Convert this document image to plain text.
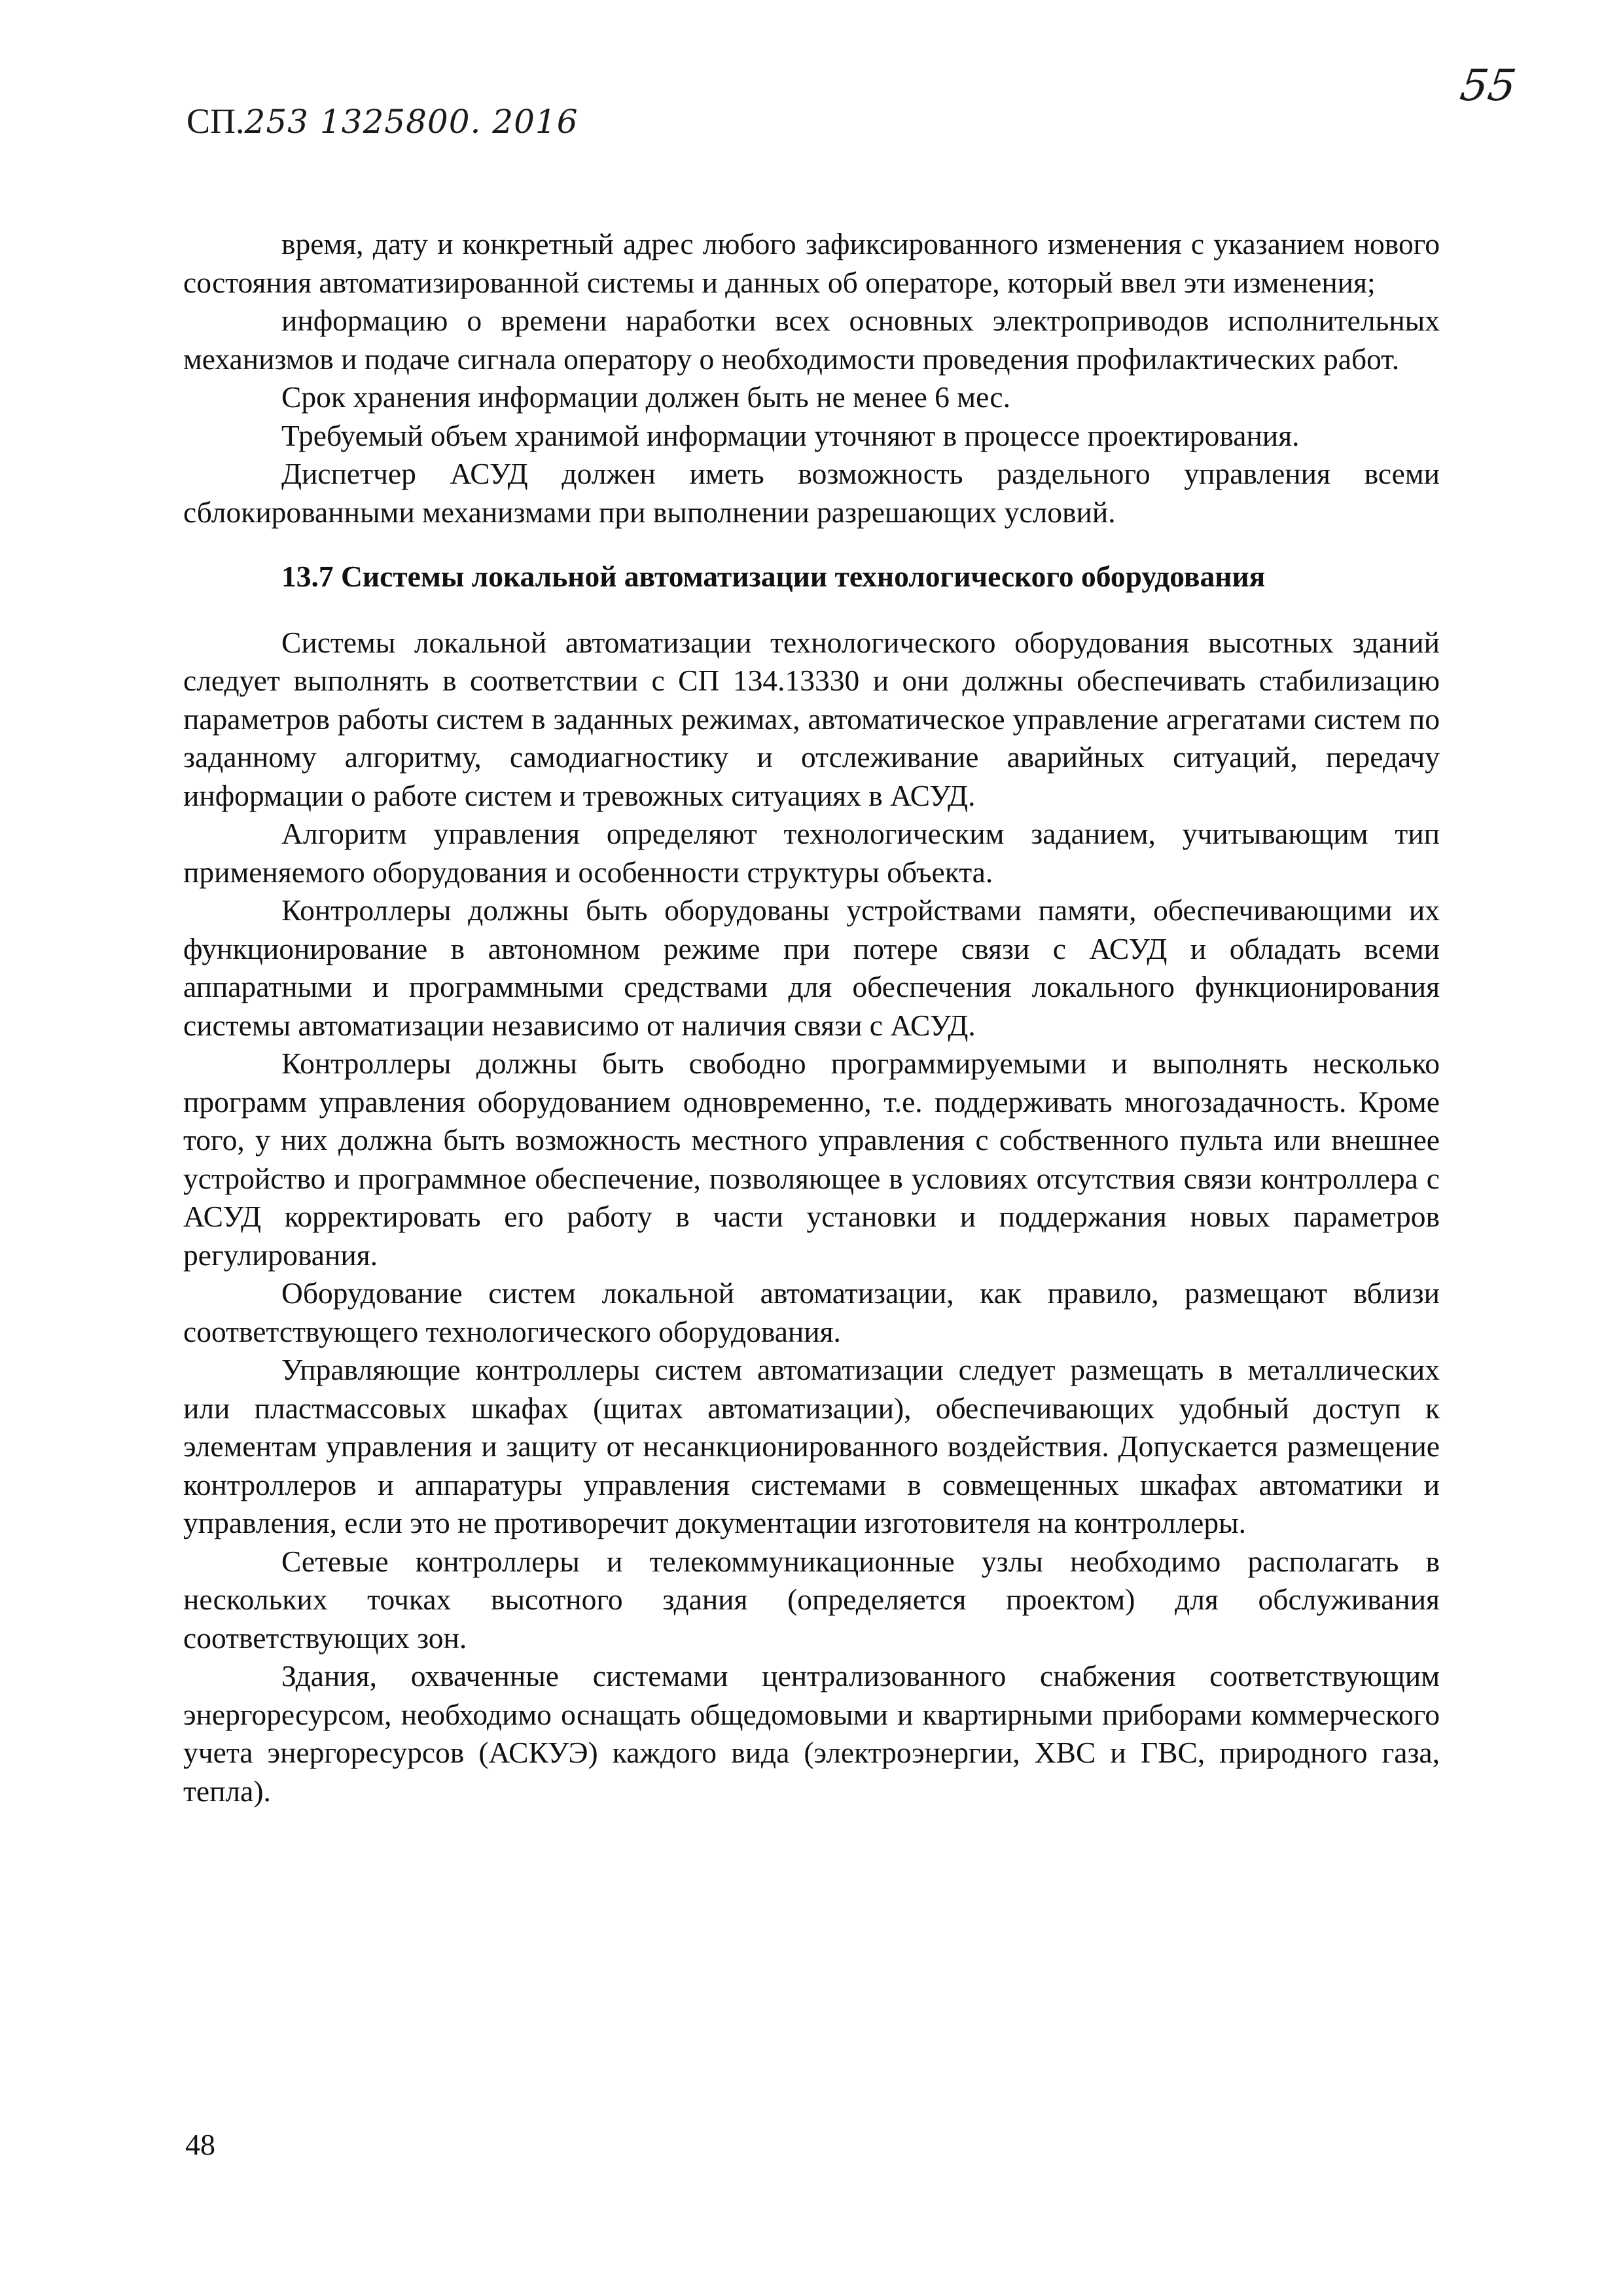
СП.253 1325800. 2016
55

время, дату и конкретный адрес любого зафиксированного изменения с указанием нового состояния автоматизированной системы и данных об операторе, который ввел эти изменения;

информацию о времени наработки всех основных электроприводов исполнительных механизмов и подаче сигнала оператору о необходимости проведения профилактических работ.

Срок хранения информации должен быть не менее 6 мес.

Требуемый объем хранимой информации уточняют в процессе проектирования.

Диспетчер АСУД должен иметь возможность раздельного управления всеми сблокированными механизмами при выполнении разрешающих условий.

13.7 Системы локальной автоматизации технологического оборудования

Системы локальной автоматизации технологического оборудования высотных зданий следует выполнять в соответствии с СП 134.13330 и они должны обеспечивать стабилизацию параметров работы систем в заданных режимах, автоматическое управление агрегатами систем по заданному алгоритму, самодиагностику и отслеживание аварийных ситуаций, передачу информации о работе систем и тревожных ситуациях в АСУД.

Алгоритм управления определяют технологическим заданием, учитывающим тип применяемого оборудования и особенности структуры объекта.

Контроллеры должны быть оборудованы устройствами памяти, обеспечивающими их функционирование в автономном режиме при потере связи с АСУД и обладать всеми аппаратными и программными средствами для обеспечения локального функционирования системы автоматизации независимо от наличия связи с АСУД.

Контроллеры должны быть свободно программируемыми и выполнять несколько программ управления оборудованием одновременно, т.е. поддерживать многозадачность. Кроме того, у них должна быть возможность местного управления с собственного пульта или внешнее устройство и программное обеспечение, позволяющее в условиях отсутствия связи контроллера с АСУД корректировать его работу в части установки и поддержания новых параметров регулирования.

Оборудование систем локальной автоматизации, как правило, размещают вблизи соответствующего технологического оборудования.

Управляющие контроллеры систем автоматизации следует размещать в металлических или пластмассовых шкафах (щитах автоматизации), обеспечивающих удобный доступ к элементам управления и защиту от несанкционированного воздействия. Допускается размещение контроллеров и аппаратуры управления системами в совмещенных шкафах автоматики и управления, если это не противоречит документации изготовителя на контроллеры.

Сетевые контроллеры и телекоммуникационные узлы необходимо располагать в нескольких точках высотного здания (определяется проектом) для обслуживания соответствующих зон.

Здания, охваченные системами централизованного снабжения соответствующим энергоресурсом, необходимо оснащать общедомовыми и квартирными приборами коммерческого учета энергоресурсов (АСКУЭ) каждого вида (электроэнергии, ХВС и ГВС, природного газа, тепла).

48
